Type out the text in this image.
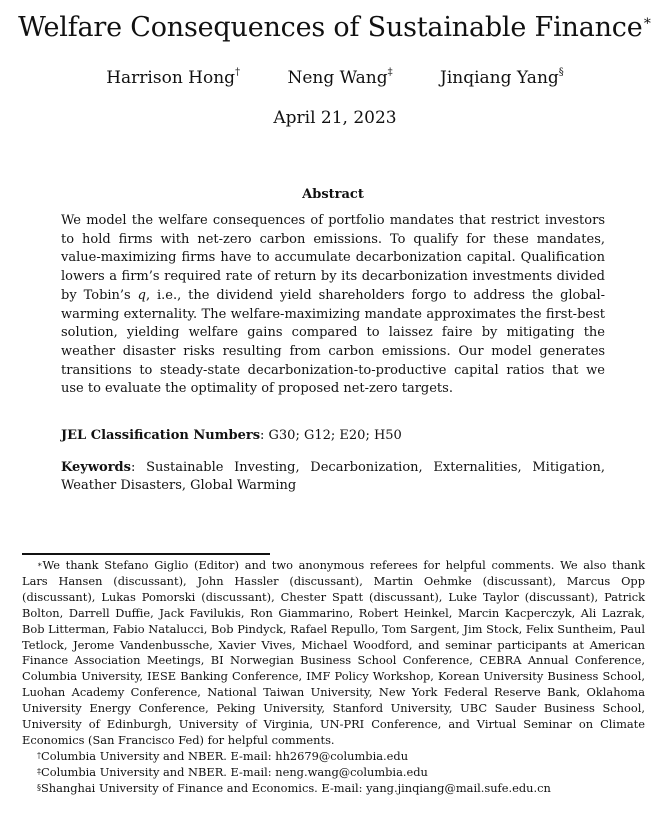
Welfare Consequences of Sustainable Finance∗
Harrison Hong†	Neng Wang‡	Jinqiang Yang§
April 21, 2023
Abstract
We model the welfare consequences of portfolio mandates that restrict investors to hold firms with net-zero carbon emissions. To qualify for these mandates, value-maximizing firms have to accumulate decarbonization capital. Qualification lowers a firm’s required rate of return by its decarbonization investments divided by Tobin’s q, i.e., the dividend yield shareholders forgo to address the global-warming externality. The welfare-maximizing mandate approximates the first-best solution, yielding welfare gains compared to laissez faire by mitigating the weather disaster risks resulting from carbon emissions. Our model generates transitions to steady-state decarbonization-to-productive capital ratios that we use to evaluate the optimality of proposed net-zero targets.
JEL Classification Numbers: G30; G12; E20; H50
Keywords: Sustainable Investing, Decarbonization, Externalities, Mitigation, Weather Disasters, Global Warming

∗We thank Stefano Giglio (Editor) and two anonymous referees for helpful comments. We also thank Lars Hansen (discussant), John Hassler (discussant), Martin Oehmke (discussant), Marcus Opp (discussant), Lukas Pomorski (discussant), Chester Spatt (discussant), Luke Taylor (discussant), Patrick Bolton, Darrell Duffie, Jack Favilukis, Ron Giammarino, Robert Heinkel, Marcin Kacperczyk, Ali Lazrak, Bob Litterman, Fabio Natalucci, Bob Pindyck, Rafael Repullo, Tom Sargent, Jim Stock, Felix Suntheim, Paul Tetlock, Jerome Vandenbussche, Xavier Vives, Michael Woodford, and seminar participants at American Finance Association Meetings, BI Norwegian Business School Conference, CEBRA Annual Conference, Columbia University, IESE Banking Conference, IMF Policy Workshop, Korean University Business School, Luohan Academy Conference, National Taiwan University, New York Federal Reserve Bank, Oklahoma University Energy Conference, Peking University, Stanford University, UBC Sauder Business School, University of Edinburgh, University of Virginia, UN-PRI Conference, and Virtual Seminar on Climate Economics (San Francisco Fed) for helpful comments.

†Columbia University and NBER. E-mail: hh2679@columbia.edu

‡Columbia University and NBER. E-mail: neng.wang@columbia.edu

§Shanghai University of Finance and Economics. E-mail: yang.jinqiang@mail.sufe.edu.cn
